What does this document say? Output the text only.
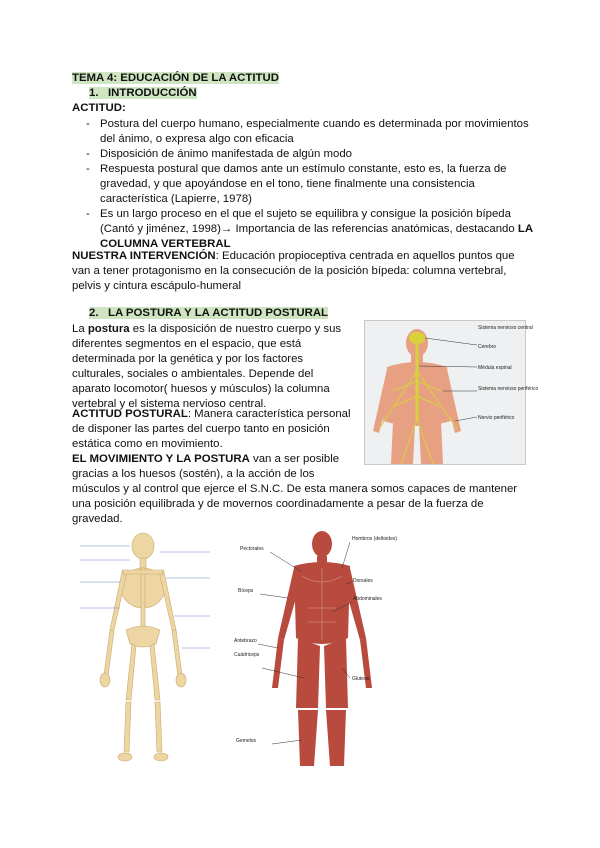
TEMA 4: EDUCACIÓN DE LA ACTITUD
1. INTRODUCCIÓN
ACTITUD:
- Postura del cuerpo humano, especialmente cuando es determinada por movimientos del ánimo, o expresa algo con eficacia
- Disposición de ánimo manifestada de algún modo
- Respuesta postural que damos ante un estímulo constante, esto es, la fuerza de gravedad, y que apoyándose en el tono, tiene finalmente una consistencia característica (Lapierre, 1978)
- Es un largo proceso en el que el sujeto se equilibra y consigue la posición bípeda (Cantó y jiménez, 1998)→ Importancia de las referencias anatómicas, destacando LA COLUMNA VERTEBRAL
NUESTRA INTERVENCIÓN: Educación propioceptiva centrada en aquellos puntos que van a tener protagonismo en la consecución de la posición bípeda: columna vertebral, pelvis y cintura escápulo-humeral
2. LA POSTURA Y LA ACTITUD POSTURAL
La postura es la disposición de nuestro cuerpo y sus diferentes segmentos en el espacio, que está determinada por la genética y por los factores culturales, sociales o ambientales. Depende del aparato locomotor( huesos y músculos) la columna vertebral y el sistema nervioso central.
ACTITUD POSTURAL: Manera característica personal de disponer las partes del cuerpo tanto en posición estática como en movimiento.
EL MOVIMIENTO Y LA POSTURA van a ser posible gracias a los huesos (sostén), a la acción de los
músculos y al control que ejerce el S.N.C. De esta manera somos capaces de mantener una posición equilibrada y de movernos coordinadamente a pesar de la fuerza de gravedad.
Sistema nervioso central
Cerebro
Médula espinal
Sistema nervioso periférico
Nervio periférico
Pectorales
Bíceps
Antebrazo
Cuádriceps
Gemelos
Hombros (deltoides)
Dorsales
Abdominales
Gluteos
